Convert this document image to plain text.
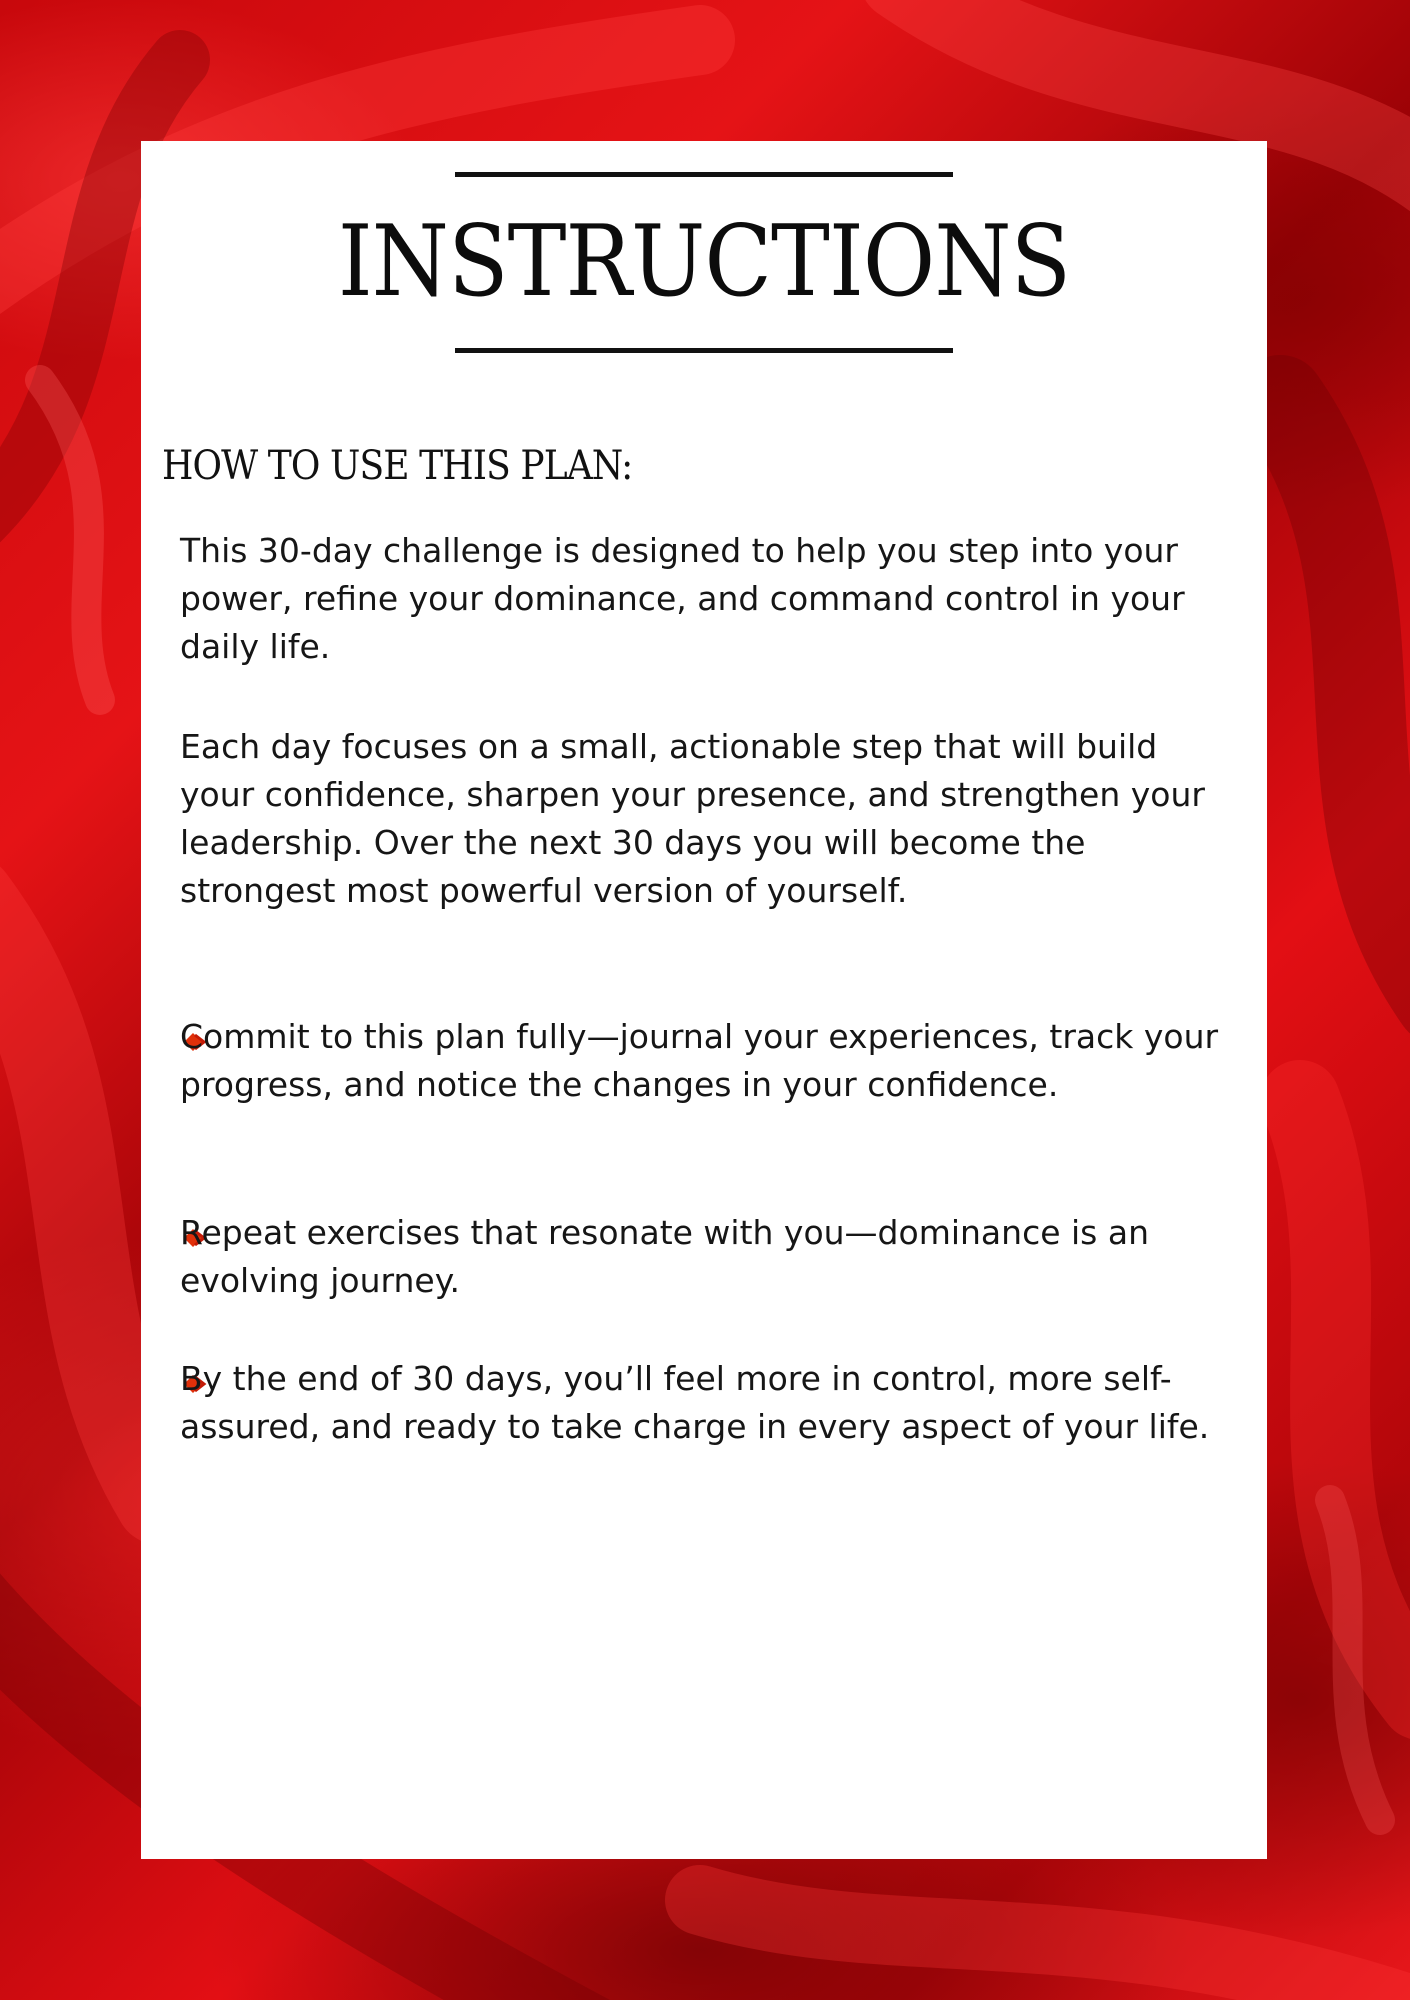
INSTRUCTIONS
HOW TO USE THIS PLAN:

This 30-day challenge is designed to help you step into your power, refine your dominance, and command control in your daily life.

Each day focuses on a small, actionable step that will build your confidence, sharpen your presence, and strengthen your leadership. Over the next 30 days you will become the strongest most powerful version of yourself.

Commit to this plan fully—journal your experiences, track your progress, and notice the changes in your confidence.

Repeat exercises that resonate with you—dominance is an evolving journey.

By the end of 30 days, you’ll feel more in control, more self-assured, and ready to take charge in every aspect of your life.
